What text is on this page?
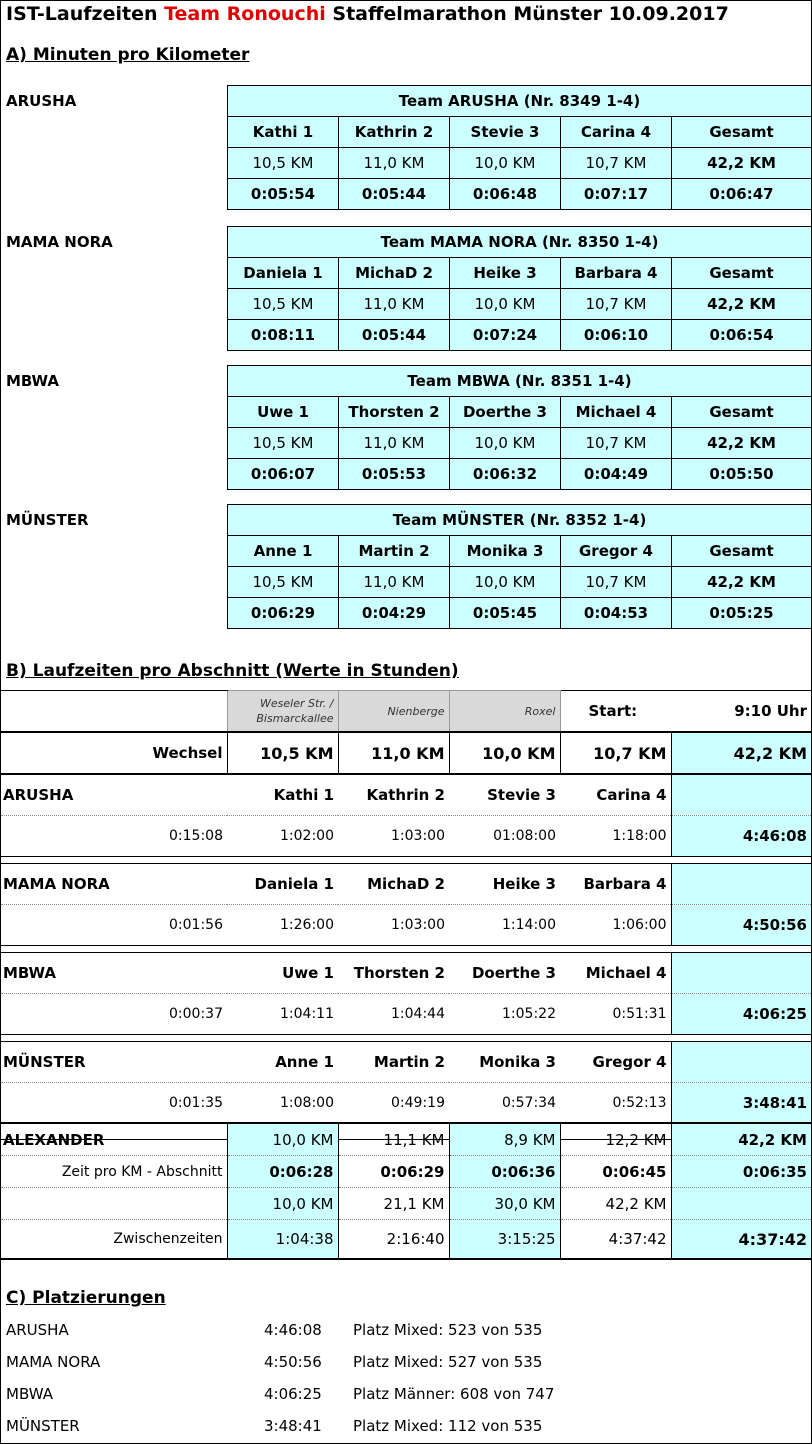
IST-Laufzeiten Team Ronouchi Staffelmarathon Münster 10.09.2017
A) Minuten pro Kilometer
ARUSHA	Team ARUSHA (Nr. 8349 1-4)				
Kathi 1	Kathrin 2	Stevie 3	Carina 4	Gesamt
10,5 KM	11,0 KM	10,0 KM	10,7 KM	42,2 KM
0:05:54	0:05:44	0:06:48	0:07:17	0:06:47
MAMA NORA	Team MAMA NORA (Nr. 8350 1-4)				
Daniela 1	MichaD 2	Heike 3	Barbara 4	Gesamt
10,5 KM	11,0 KM	10,0 KM	10,7 KM	42,2 KM
0:08:11	0:05:44	0:07:24	0:06:10	0:06:54
MBWA	Team MBWA (Nr. 8351 1-4)				
Uwe 1	Thorsten 2	Doerthe 3	Michael 4	Gesamt
10,5 KM	11,0 KM	10,0 KM	10,7 KM	42,2 KM
0:06:07	0:05:53	0:06:32	0:04:49	0:05:50
MÜNSTER	Team MÜNSTER (Nr. 8352 1-4)				
Anne 1	Martin 2	Monika 3	Gregor 4	Gesamt
10,5 KM	11,0 KM	10,0 KM	10,7 KM	42,2 KM
0:06:29	0:04:29	0:05:45	0:04:53	0:05:25
B) Laufzeiten pro Abschnitt (Werte in Stunden)
	Weseler Str. / Bismarckallee	Nienberge	Roxel	Start:	9:10 Uhr
Wechsel	10,5 KM	11,0 KM	10,0 KM	10,7 KM	42,2 KM
ARUSHA	Kathi 1	Kathrin 2	Stevie 3	Carina 4	
0:15:08	1:02:00	1:03:00	01:08:00	1:18:00	4:46:08

MAMA NORA	Daniela 1	MichaD 2	Heike 3	Barbara 4	
0:01:56	1:26:00	1:03:00	1:14:00	1:06:00	4:50:56

MBWA	Uwe 1	Thorsten 2	Doerthe 3	Michael 4	
0:00:37	1:04:11	1:04:44	1:05:22	0:51:31	4:06:25

MÜNSTER	Anne 1	Martin 2	Monika 3	Gregor 4	
0:01:35	1:08:00	0:49:19	0:57:34	0:52:13	3:48:41

ALEXANDER	10,0 KM	11,1 KM	8,9 KM	12,2 KM	42,2 KM
Zeit pro KM - Abschnitt	0:06:28	0:06:29	0:06:36	0:06:45	0:06:35
	10,0 KM	21,1 KM	30,0 KM	42,2 KM	
Zwischenzeiten	1:04:38	2:16:40	3:15:25	4:37:42	4:37:42
C) Platzierungen
ARUSHA	4:46:08 Platz Mixed: 523 von 535
MAMA NORA	4:50:56 Platz Mixed: 527 von 535
MBWA	4:06:25 Platz Männer: 608 von 747
MÜNSTER	3:48:41 Platz Mixed: 112 von 535
